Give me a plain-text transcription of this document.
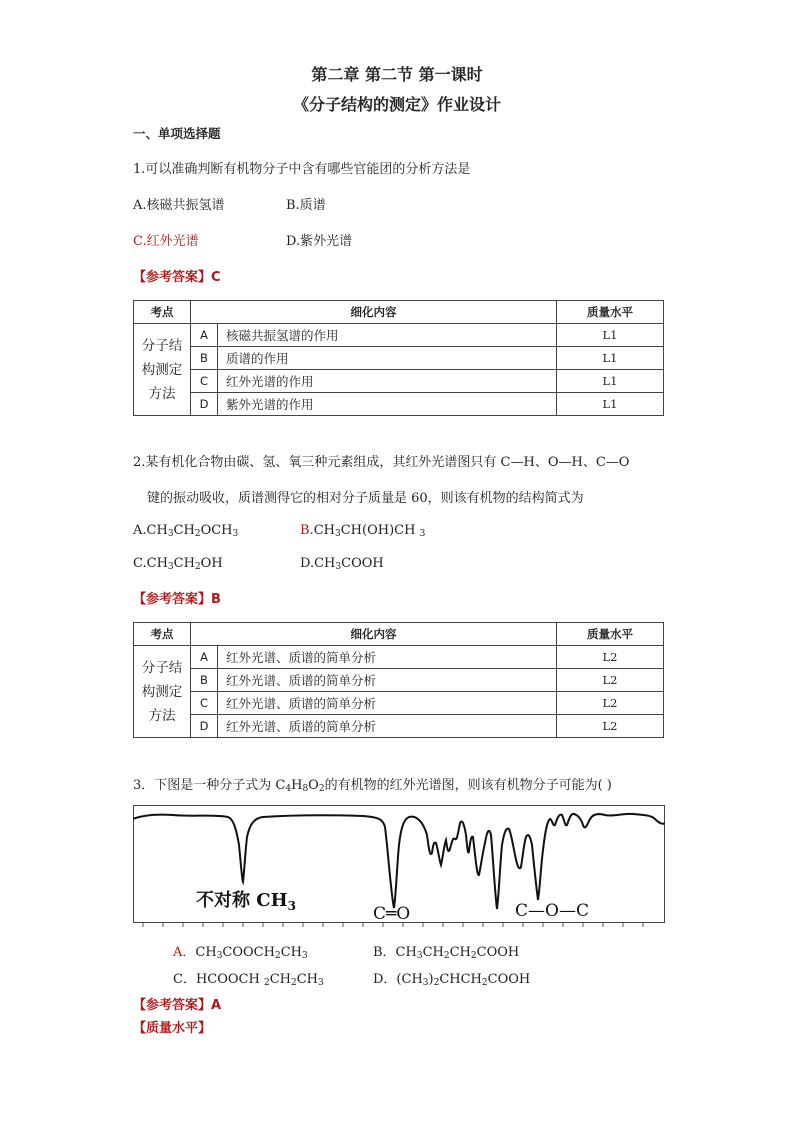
第二章 第二节 第一课时
《分子结构的测定》作业设计
一、单项选择题
1.可以准确判断有机物分子中含有哪些官能团的分析方法是
A.核磁共振氢谱	B.质谱
C.红外光谱	D.紫外光谱
【参考答案】C
考点	细化内容		质量水平
分子结构测定方法	A	核磁共振氢谱的作用	L1
	B	质谱的作用	L1
	C	红外光谱的作用	L1
	D	紫外光谱的作用	L1
2.某有机化合物由碳、氢、氧三种元素组成，其红外光谱图只有 C—H、O—H、C—O
键的振动吸收，质谱测得它的相对分子质量是 60，则该有机物的结构简式为
$A.CH_3CH_2OCH_3$	$B.CH_3CH(OH)CH$ $_3$
$C.CH_3CH_2OH$	$D.CH_3COOH$
【参考答案】B
考点	细化内容		质量水平
分子结构测定方法	A	红外光谱、质谱的简单分析	L2
	B	红外光谱、质谱的简单分析	L2
	C	红外光谱、质谱的简单分析	L2
	D	红外光谱、质谱的简单分析	L2
3．下图是一种分子式为 $C_4H_8O_2$的有机物的红外光谱图，则该有机物分子可能为( )
不对称 $CH_3$	C═O	C—O—C
A．$CH_3COOCH_2CH_3$	B．$CH_3CH_2CH_2COOH$
C．HCOOCH $_2CH_2CH_3$	D．$(CH_3)_2CHCH_2COOH$
【参考答案】A
【质量水平】
